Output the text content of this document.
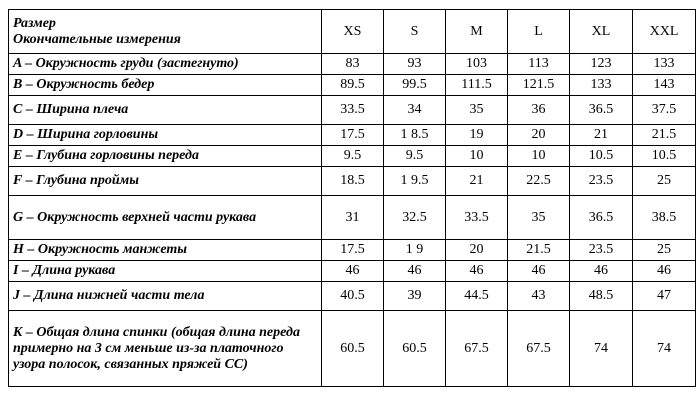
Размер
Окончательные измерения	XS	S	M	L	XL	XXL
A – Окружность груди (застегнуто)	83	93	103	113	123	133
B – Окружность бедер	89.5	99.5	111.5	121.5	133	143
C – Ширина плеча	33.5	34	35	36	36.5	37.5
D – Ширина горловины	17.5	1 8.5	19	20	21	21.5
E – Глубина горловины переда	9.5	9.5	10	10	10.5	10.5
F – Глубина проймы	18.5	1 9.5	21	22.5	23.5	25
G – Окружность верхней части рукава	31	32.5	33.5	35	36.5	38.5
H – Окружность манжеты	17.5	1 9	20	21.5	23.5	25
I – Длина рукава	46	46	46	46	46	46
J – Длина нижней части тела	40.5	39	44.5	43	48.5	47
K – Общая длина спинки (общая длина переда примерно на 3 см меньше из-за платочного узора полосок, связанных пряжей СС)	60.5	60.5	67.5	67.5	74	74
